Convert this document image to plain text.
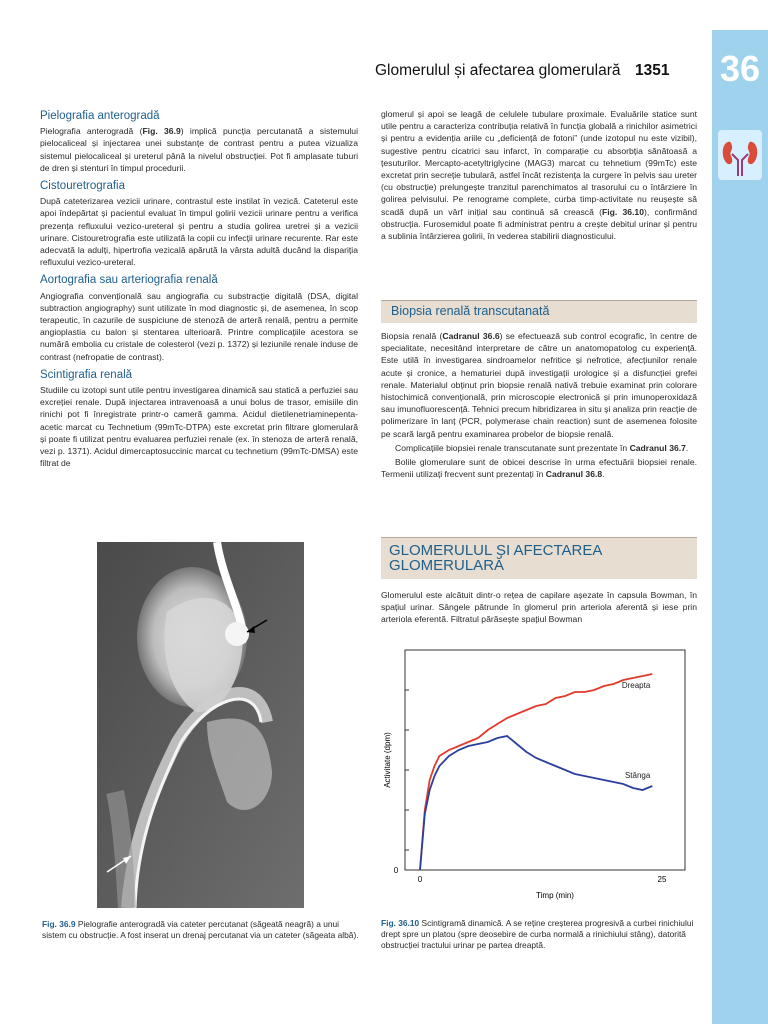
36
Glomerulul și afectarea glomerulară 1351
Pielografia anterogradă

Pielografia anterogradă (Fig. 36.9) implică puncția percutanată a sistemului pielocaliceal și injectarea unei substanțe de contrast pentru a putea vizualiza sistemul pielocaliceal și ureterul până la nivelul obstrucției. Pot fi amplasate tuburi de dren și stenturi în timpul procedurii.

Cistouretrografia

După cateterizarea vezicii urinare, contrastul este instilat în vezică. Cateterul este apoi îndepărtat și pacientul evaluat în timpul golirii vezicii urinare pentru a verifica prezența refluxului vezico-ureteral și pentru a studia golirea uretrei și a vezicii urinare. Cistouretrografia este utilizată la copii cu infecții urinare recurente. Rar este adecvată la adulți, hipertrofia vezicală apărută la vârsta adultă ducând la dispariția refluxului vezico-ureteral.

Aortografia sau arteriografia renală

Angiografia convențională sau angiografia cu substracție digitală (DSA, digital subtraction angiography) sunt utilizate în mod diagnostic și, de asemenea, în scop terapeutic, în cazurile de suspiciune de stenoză de arteră renală, pentru a permite angioplastia cu balon și stentarea ulterioară. Printre complicațiile acestora se numără embolia cu cristale de colesterol (vezi p. 1372) și leziunile renale induse de contrast (nefropatie de contrast).

Scintigrafia renală

Studiile cu izotopi sunt utile pentru investigarea dinamică sau statică a perfuziei sau excreției renale. După injectarea intravenoasă a unui bolus de trasor, emisiile din rinichi pot fi înregistrate printr-o cameră gamma. Acidul dietilenetriaminepenta-acetic marcat cu Technetium (99mTc-DTPA) este excretat prin filtrare glomerulară și poate fi utilizat pentru evaluarea perfuziei renale (ex. în stenoza de arteră renală, vezi p. 1371). Acidul dimercaptosuccinic marcat cu technetium (99mTc-DMSA) este filtrat de

glomerul și apoi se leagă de celulele tubulare proximale. Evaluările statice sunt utile pentru a caracteriza contribuția relativă în funcția globală a rinichilor asimetrici și pentru a evidenția ariile cu „deficiență de fotoni” (unde izotopul nu este vizibil), sugestive pentru cicatrici sau infarct, în comparație cu absorbția sănătoasă a țesuturilor. Mercapto-acetyltriglycine (MAG3) marcat cu tehnetium (99mTc) este excretat prin secreție tubulară, astfel încât rezistența la curgere în pelvis sau ureter (cu obstrucție) prelungește tranzitul parenchimatos al trasorului cu o întârziere în golirea pelvisului. Pe renograme complete, curba timp-activitate nu reușește să scadă după un vârf inițial sau continuă să crească (Fig. 36.10), confirmând obstrucția. Furosemidul poate fi administrat pentru a crește debitul urinar și pentru a sublinia întârzierea golirii, în vederea stabilirii diagnosticului.

Biopsia renală transcutanată

Biopsia renală (Cadranul 36.6) se efectuează sub control ecografic, în centre de specialitate, necesitând interpretare de către un anatomopatolog cu experiență. Este utilă în investigarea sindroamelor nefritice și nefrotice, afecțiunilor renale acute și cronice, a hematuriei după investigații urologice și a disfuncției grefei renale. Materialul obținut prin biopsie renală nativă trebuie examinat prin colorare histochimică convențională, prin microscopie electronică și prin imunoperoxidază sau imunofluorescență. Tehnici precum hibridizarea in situ și analiza prin reacție de polimerizare în lanț (PCR, polymerase chain reaction) sunt de asemenea folosite pe scară largă pentru examinarea probelor de biopsie renală.

Complicațiile biopsiei renale transcutanate sunt prezentate în Cadranul 36.7.

Bolile glomerulare sunt de obicei descrise în urma efectuării biopsiei renale. Termenii utilizați frecvent sunt prezentați în Cadranul 36.8.

GLOMERULUL ȘI AFECTAREA
GLOMERULARĂ

Glomerulul este alcătuit dintr-o rețea de capilare așezate în capsula Bowman, în spațiul urinar. Sângele pătrunde în glomerul prin arteriola aferentă și iese prin arteriola eferentă. Filtratul părăsește spațiul Bowman

0	25
0
Timp (min)
Activitate (dpm)
Dreapta
Stânga
Fig. 36.9 Pielografie anterogradă via cateter percutanat (săgeată neagră) a unui sistem cu obstrucție. A fost inserat un drenaj percutanat via un cateter (săgeata albă).
Fig. 36.10 Scintigramă dinamică. A se reține creșterea progresivă a curbei rinichiului drept spre un platou (spre deosebire de curba normală a rinichiului stâng), datorită obstrucției tractului urinar pe partea dreaptă.
